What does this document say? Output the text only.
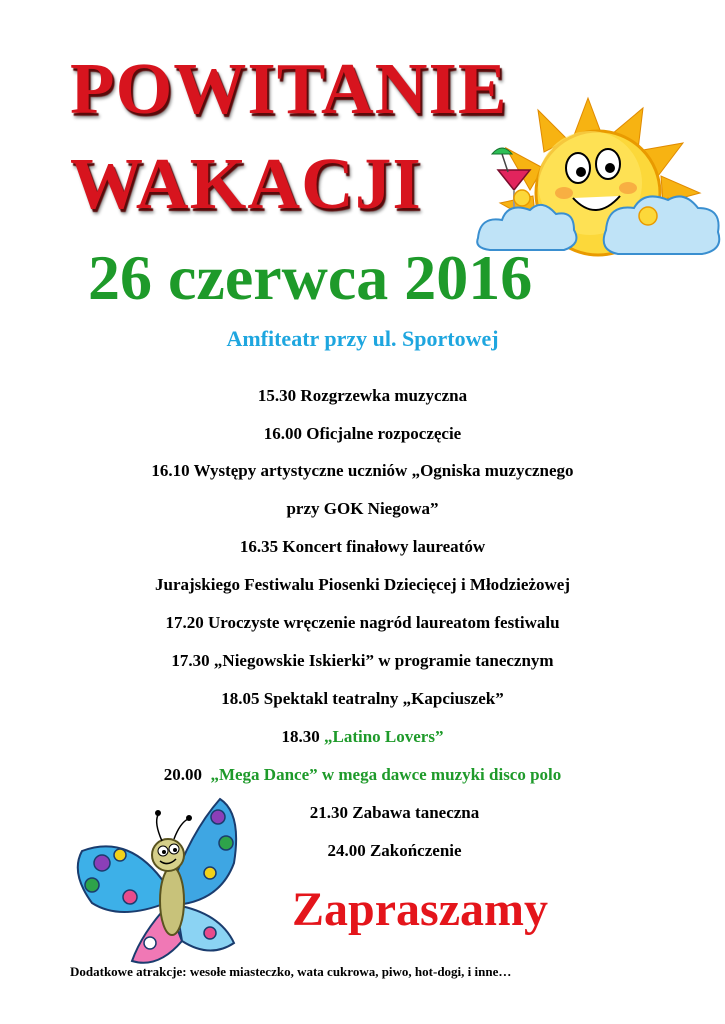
POWITANIE
WAKACJI
26 czerwca 2016
Amfiteatr przy ul. Sportowej
15.30 Rozgrzewka muzyczna
16.00 Oficjalne rozpoczęcie
16.10 Występy artystyczne uczniów „Ogniska muzycznego
przy GOK Niegowa”
16.35 Koncert finałowy laureatów
Jurajskiego Festiwalu Piosenki Dziecięcej i Młodzieżowej
17.20 Uroczyste wręczenie nagród laureatom festiwalu
17.30 „Niegowskie Iskierki” w programie tanecznym
18.05 Spektakl teatralny „Kapciuszek”
18.30 „Latino Lovers”
20.00 „Mega Dance” w mega dawce muzyki disco polo
21.30 Zabawa taneczna
24.00 Zakończenie
Zapraszamy
Dodatkowe atrakcje: wesołe miasteczko, wata cukrowa, piwo, hot-dogi, i inne…
